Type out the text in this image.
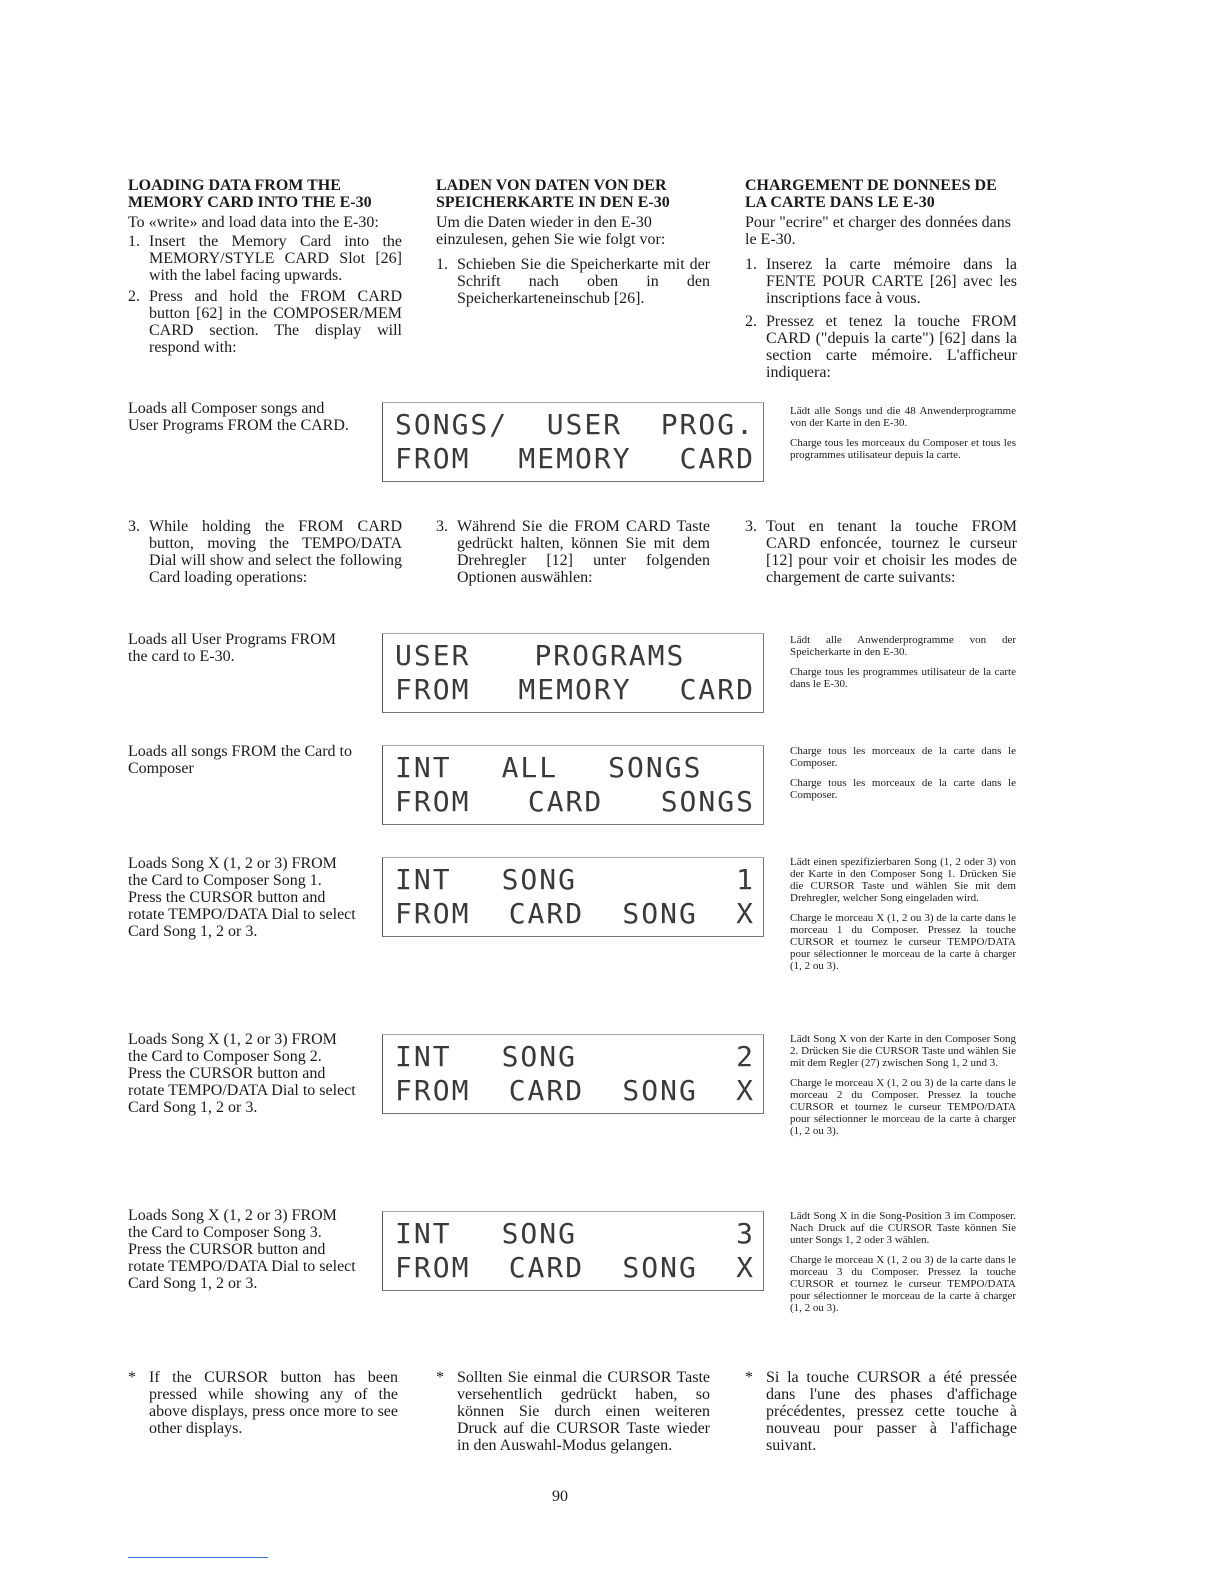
LOADING DATA FROM THE MEMORY CARD INTO THE E-30

To «write» and load data into the E-30:

1. Insert the Memory Card into the MEMORY/STYLE CARD Slot [26] with the label facing upwards.
2. Press and hold the FROM CARD button [62] in the COMPOSER/MEM CARD section. The display will respond with:

LADEN VON DATEN VON DER SPEICHERKARTE IN DEN E-30

Um die Daten wieder in den E-30 einzulesen, gehen Sie wie folgt vor:

1. Schieben Sie die Speicherkarte mit der Schrift nach oben in den Speicherkarteneinschub [26].

CHARGEMENT DE DONNEES DE LA CARTE DANS LE E-30

Pour "ecrire" et charger des données dans le E-30.

1. Inserez la carte mémoire dans la FENTE POUR CARTE [26] avec les inscriptions face à vous.
2. Pressez et tenez la touche FROM CARD ("depuis la carte") [62] dans la section carte mémoire. L'afficheur indiquera:
Loads all Composer songs and User Programs FROM the CARD. SONGS/ USER PROG.
FROM MEMORY CARD

Lädt alle Songs und die 48 Anwenderprogramme von der Karte in den E-30.

Charge tous les morceaux du Composer et tous les programmes utilisateur depuis la carte.

3. While holding the FROM CARD button, moving the TEMPO/DATA Dial will show and select the following Card loading operations:
3. Während Sie die FROM CARD Taste gedrückt halten, können Sie mit dem Drehregler [12] unter folgenden Optionen auswählen:
3. Tout en tenant la touche FROM CARD enfoncée, tournez le curseur [12] pour voir et choisir les modes de chargement de carte suivants:
Loads all User Programs FROM the card to E-30.	USER PROGRAMS
FROM MEMORY CARD

Lädt alle Anwenderprogramme von der Speicherkarte in den E-30.

Charge tous les programmes utilisateur de la carte dans le E-30.

Loads all songs FROM the Card to Composer	INT ALL SONGS
FROM CARD SONGS

Charge tous les morceaux de la carte dans le Composer.

Charge tous les morceaux de la carte dans le Composer.

Loads Song X (1, 2 or 3) FROM the Card to Composer Song 1. Press the CURSOR button and rotate TEMPO/DATA Dial to select Card Song 1, 2 or 3.
INT SONG	1
FROM CARD SONG X

Lädt einen spezifizierbaren Song (1, 2 oder 3) von der Karte in den Composer Song 1. Drücken Sie die CURSOR Taste und wählen Sie mit dem Drehregler, welcher Song eingeladen wird.

Charge le morceau X (1, 2 ou 3) de la carte dans le morceau 1 du Composer. Pressez la touche CURSOR et tournez le curseur TEMPO/DATA pour sélectionner le morceau de la carte à charger (1, 2 ou 3).

Loads Song X (1, 2 or 3) FROM the Card to Composer Song 2. Press the CURSOR button and rotate TEMPO/DATA Dial to select Card Song 1, 2 or 3.
INT SONG	2
FROM CARD SONG X

Lädt Song X von der Karte in den Composer Song 2. Drücken Sie die CURSOR Taste und wählen Sie mit dem Regler (27) zwischen Song 1, 2 und 3.

Charge le morceau X (1, 2 ou 3) de la carte dans le morceau 2 du Composer. Pressez la touche CURSOR et tournez le curseur TEMPO/DATA pour sélectionner le morceau de la carte à charger (1, 2 ou 3).

Loads Song X (1, 2 or 3) FROM the Card to Composer Song 3. Press the CURSOR button and rotate TEMPO/DATA Dial to select Card Song 1, 2 or 3.
INT SONG	3
FROM CARD SONG X

Lädt Song X in die Song-Position 3 im Composer. Nach Druck auf die CURSOR Taste können Sie unter Songs 1, 2 oder 3 wählen.

Charge le morceau X (1, 2 ou 3) de la carte dans le morceau 3 du Composer. Pressez la touche CURSOR et tournez le curseur TEMPO/DATA pour sélectionner le morceau de la carte à charger (1, 2 ou 3).

* If the CURSOR button has been pressed while showing any of the above displays, press once more to see other displays.
* Sollten Sie einmal die CURSOR Taste versehentlich gedrückt haben, so können Sie durch einen weiteren Druck auf die CURSOR Taste wieder in den Auswahl-Modus gelangen.
* Si la touche CURSOR a été pressée dans l'une des phases d'affichage précédentes, pressez cette touche à nouveau pour passer à l'affichage suivant.
90
